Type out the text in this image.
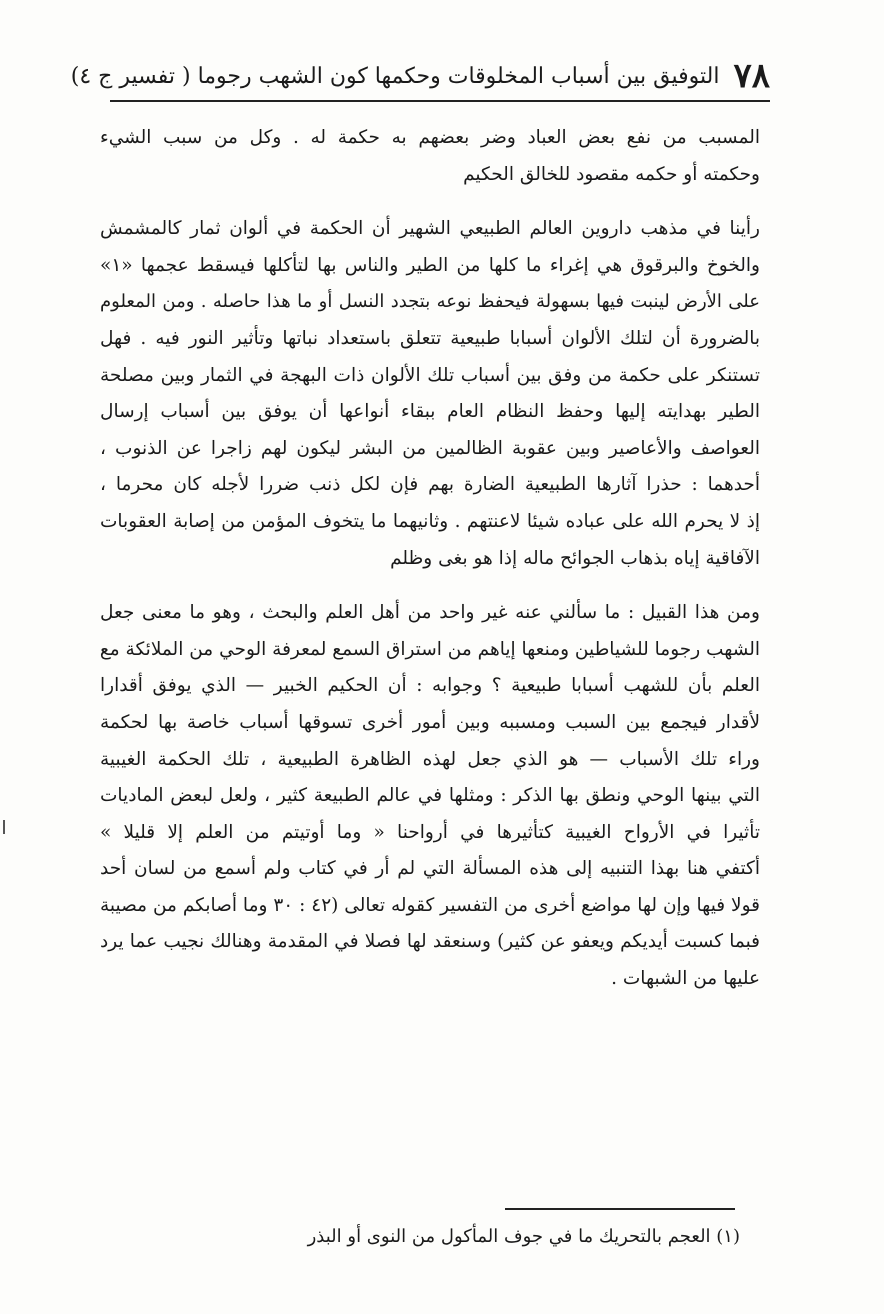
٧٨
التوفيق بين أسباب المخلوقات وحكمها كون الشهب رجوما ( تفسير ج ٤)
المسبب من نفع بعض العباد وضر بعضهم به حكمة له . وكل من سبب الشيء
وحكمته أو حكمه مقصود للخالق الحكيم
رأينا في مذهب داروين العالم الطبيعي الشهير أن الحكمة في ألوان ثمار كالمشمش
والخوخ والبرقوق هي إغراء ما كلها من الطير والناس بها لتأكلها فيسقط عجمها «١»
على الأرض لينبت فيها بسهولة فيحفظ نوعه بتجدد النسل أو ما هذا حاصله . ومن المعلوم
بالضرورة أن لتلك الألوان أسبابا طبيعية تتعلق باستعداد نباتها وتأثير النور فيه . فهل
تستنكر على حكمة من وفق بين أسباب تلك الألوان ذات البهجة في الثمار وبين مصلحة
الطير بهدايته إليها وحفظ النظام العام ببقاء أنواعها أن يوفق بين أسباب إرسال
العواصف والأعاصير وبين عقوبة الظالمين من البشر ليكون لهم زاجرا عن الذنوب ،
أحدهما : حذرا آثارها الطبيعية الضارة بهم فإن لكل ذنب ضررا لأجله كان محرما ،
إذ لا يحرم الله على عباده شيئا لاعنتهم . وثانيهما ما يتخوف المؤمن من إصابة العقوبات
الآفاقية إياه بذهاب الجوائح ماله إذا هو بغى وظلم
ومن هذا القبيل : ما سألني عنه غير واحد من أهل العلم والبحث ، وهو ما معنى جعل
الشهب رجوما للشياطين ومنعها إياهم من استراق السمع لمعرفة الوحي من الملائكة مع
العلم بأن للشهب أسبابا طبيعية ؟ وجوابه : أن الحكيم الخبير — الذي يوفق أقدارا
لأقدار فيجمع بين السبب ومسببه وبين أمور أخرى تسوقها أسباب خاصة بها لحكمة
وراء تلك الأسباب — هو الذي جعل لهذه الظاهرة الطبيعية ، تلك الحكمة الغيبية
التي بينها الوحي ونطق بها الذكر : ومثلها في عالم الطبيعة كثير ، ولعل لبعض الماديات
تأثيرا في الأرواح الغيبية كتأثيرها في أرواحنا « وما أوتيتم من العلم إلا قليلا »
أكتفي هنا بهذا التنبيه إلى هذه المسألة التي لم أر في كتاب ولم أسمع من لسان أحد
قولا فيها وإن لها مواضع أخرى من التفسير كقوله تعالى (٤٢ : ٣٠ وما أصابكم من مصيبة
فبما كسبت أيديكم ويعفو عن كثير) وسنعقد لها فصلا في المقدمة وهنالك نجيب عما يرد
عليها من الشبهات .
(١) العجم بالتحريك ما في جوف المأكول من النوى أو البذر
